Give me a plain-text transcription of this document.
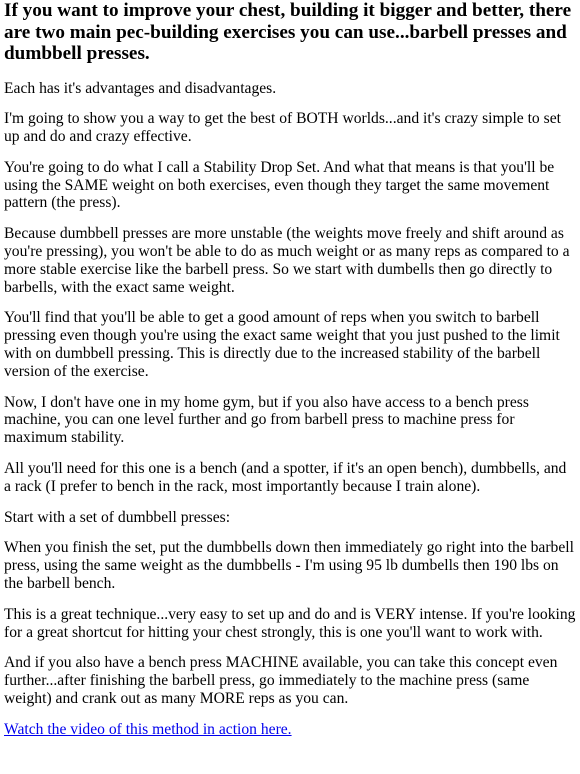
If you want to improve your chest, building it bigger and better, there are two main pec-building exercises you can use...barbell presses and dumbbell presses.

Each has it's advantages and disadvantages.

I'm going to show you a way to get the best of BOTH worlds...and it's crazy simple to set up and do and crazy effective.

You're going to do what I call a Stability Drop Set. And what that means is that you'll be using the SAME weight on both exercises, even though they target the same movement pattern (the press).

Because dumbbell presses are more unstable (the weights move freely and shift around as you're pressing), you won't be able to do as much weight or as many reps as compared to a more stable exercise like the barbell press. So we start with dumbells then go directly to barbells, with the exact same weight.

You'll find that you'll be able to get a good amount of reps when you switch to barbell pressing even though you're using the exact same weight that you just pushed to the limit with on dumbbell pressing. This is directly due to the increased stability of the barbell version of the exercise.

Now, I don't have one in my home gym, but if you also have access to a bench press machine, you can one level further and go from barbell press to machine press for maximum stability.

All you'll need for this one is a bench (and a spotter, if it's an open bench), dumbbells, and a rack (I prefer to bench in the rack, most importantly because I train alone).

Start with a set of dumbbell presses:

When you finish the set, put the dumbbells down then immediately go right into the barbell press, using the same weight as the dumbbells - I'm using 95 lb dumbells then 190 lbs on the barbell bench.

This is a great technique...very easy to set up and do and is VERY intense. If you're looking for a great shortcut for hitting your chest strongly, this is one you'll want to work with.

And if you also have a bench press MACHINE available, you can take this concept even further...after finishing the barbell press, go immediately to the machine press (same weight) and crank out as many MORE reps as you can.

Watch the video of this method in action here.
